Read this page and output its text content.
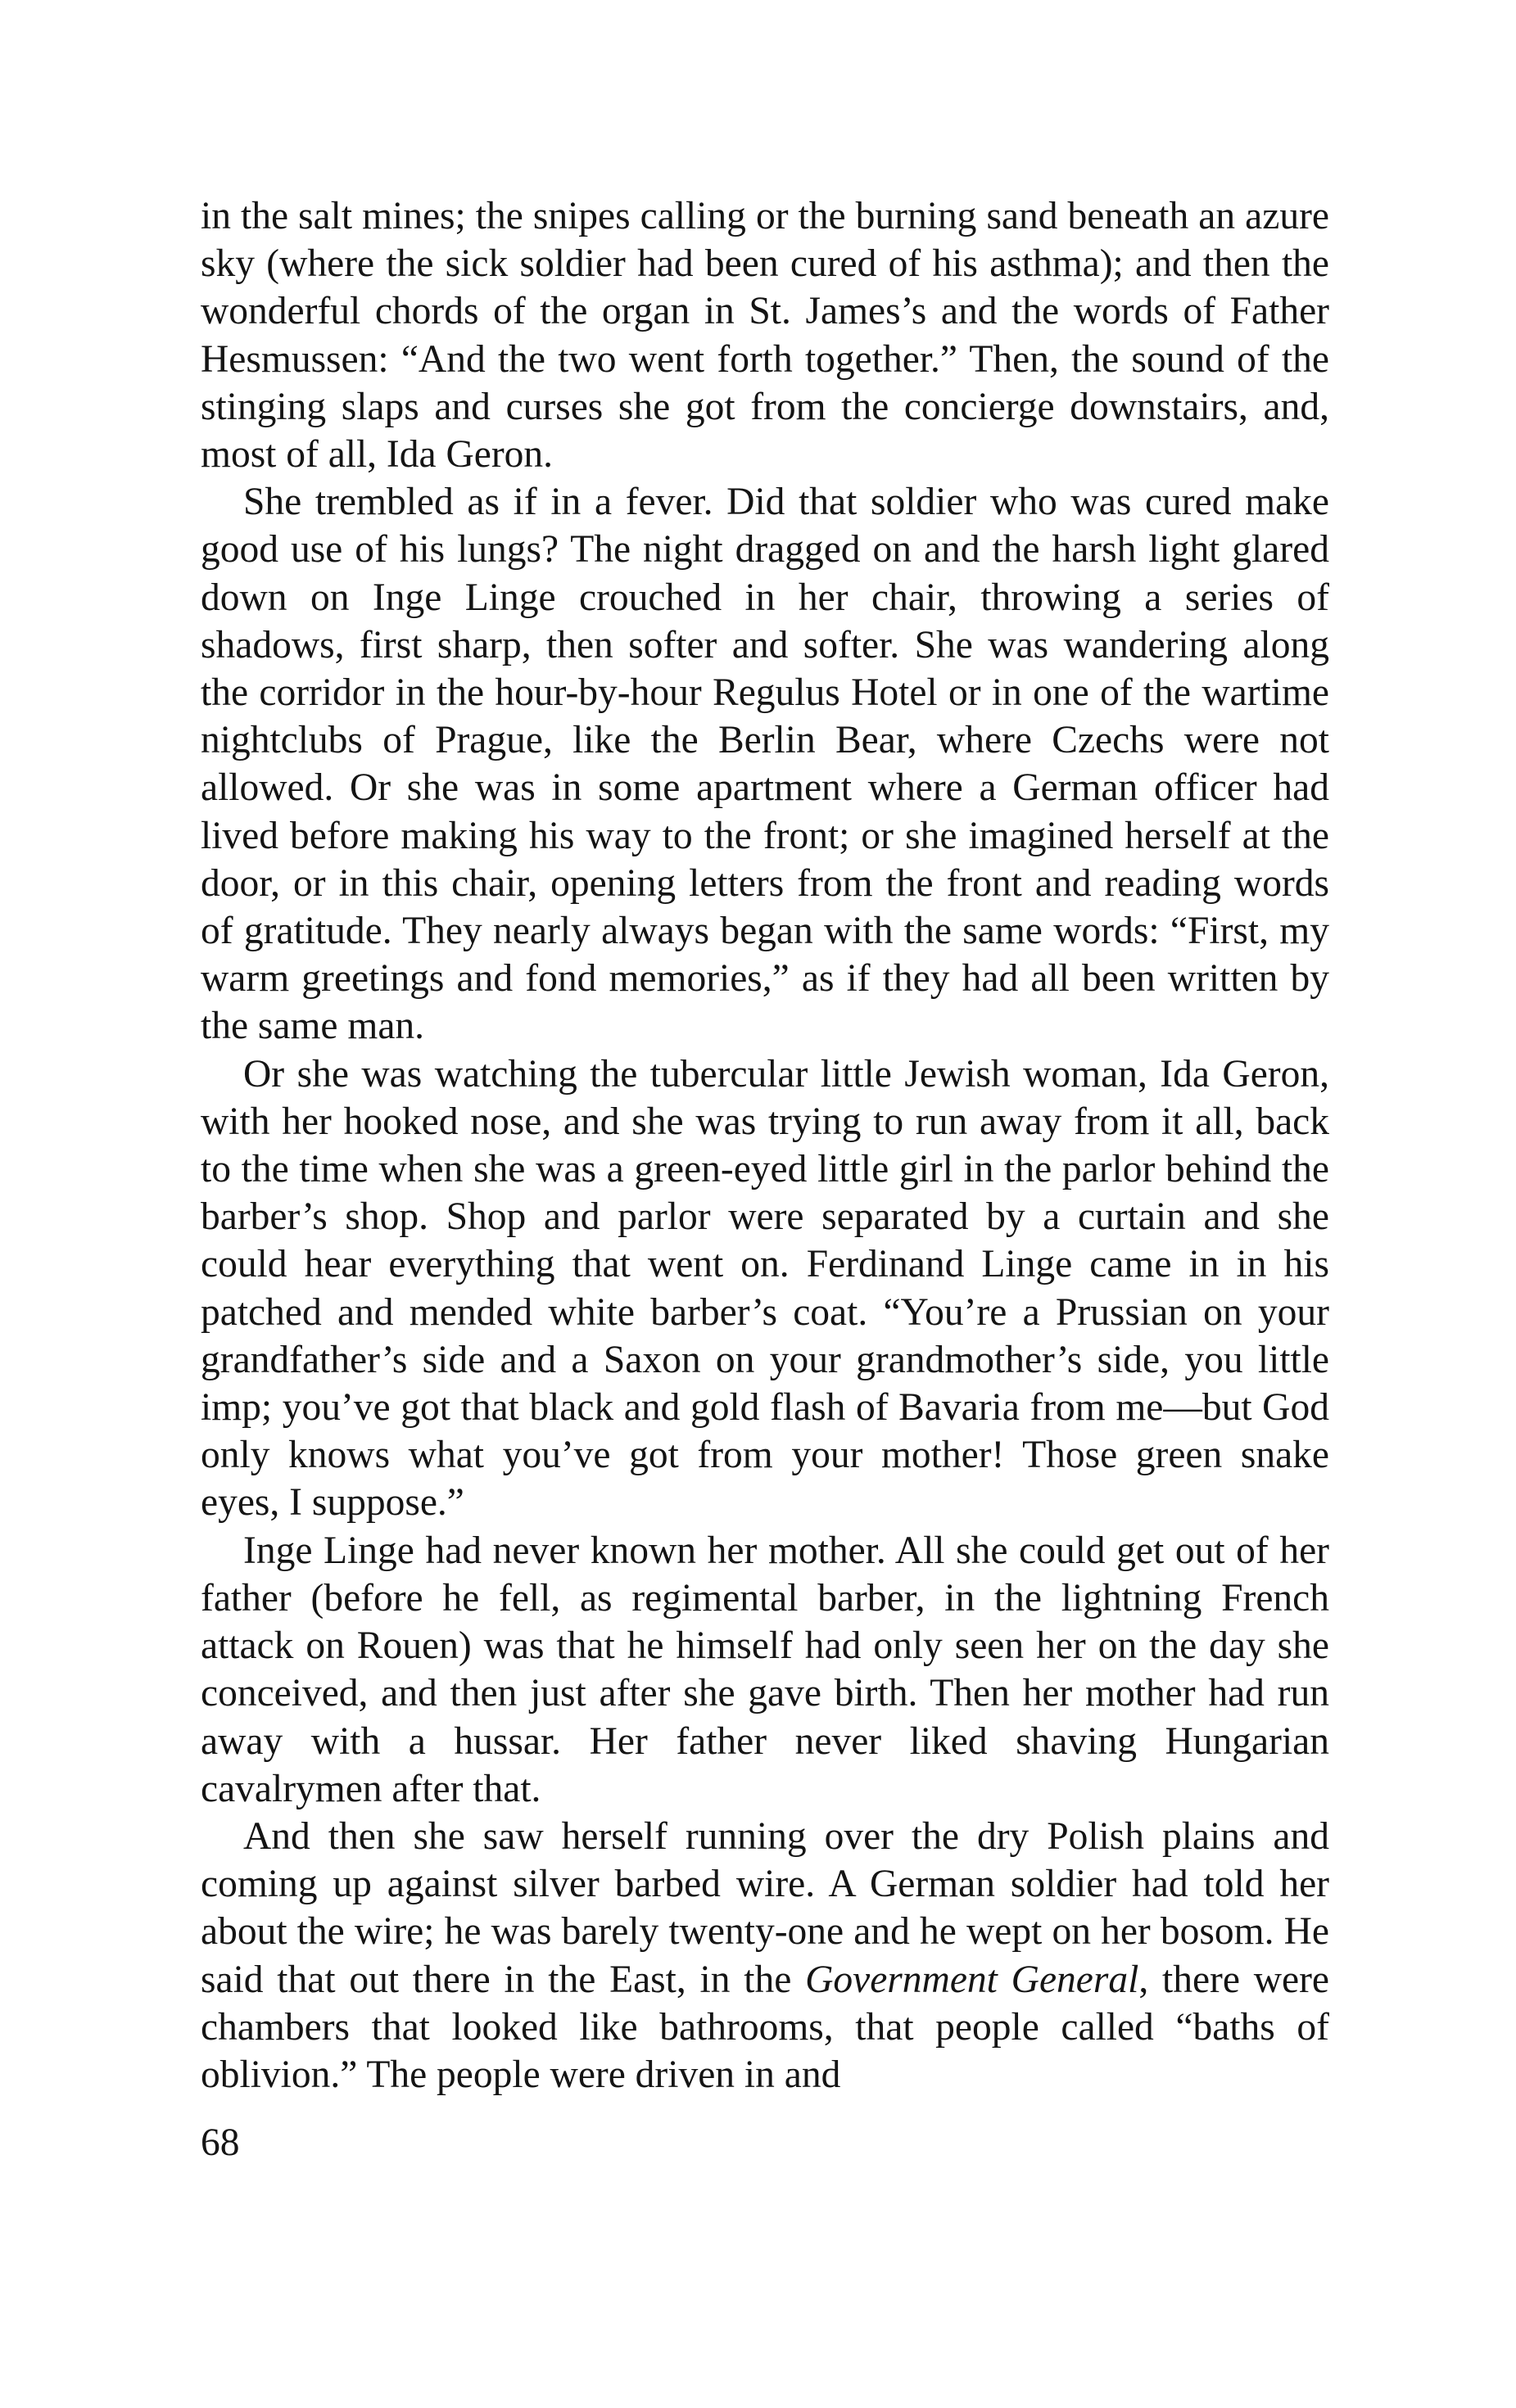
in the salt mines; the snipes calling or the burning sand beneath an azure sky (where the sick soldier had been cured of his asthma); and then the wonderful chords of the organ in St. James’s and the words of Father Hesmussen: “And the two went forth together.” Then, the sound of the stinging slaps and curses she got from the concierge downstairs, and, most of all, Ida Geron.

She trembled as if in a fever. Did that soldier who was cured make good use of his lungs? The night dragged on and the harsh light glared down on Inge Linge crouched in her chair, throwing a series of shadows, first sharp, then softer and softer. She was wandering along the corridor in the hour-by-hour Regulus Hotel or in one of the wartime nightclubs of Prague, like the Berlin Bear, where Czechs were not allowed. Or she was in some apartment where a German officer had lived before making his way to the front; or she imagined herself at the door, or in this chair, opening letters from the front and reading words of gratitude. They nearly always began with the same words: “First, my warm greetings and fond memories,” as if they had all been written by the same man.

Or she was watching the tubercular little Jewish woman, Ida Geron, with her hooked nose, and she was trying to run away from it all, back to the time when she was a green-eyed little girl in the parlor behind the barber’s shop. Shop and parlor were separated by a curtain and she could hear everything that went on. Ferdinand Linge came in in his patched and mended white barber’s coat. “You’re a Prussian on your grandfather’s side and a Saxon on your grandmother’s side, you little imp; you’ve got that black and gold flash of Bavaria from me—but God only knows what you’ve got from your mother! Those green snake eyes, I suppose.”

Inge Linge had never known her mother. All she could get out of her father (before he fell, as regimental barber, in the lightning French attack on Rouen) was that he himself had only seen her on the day she conceived, and then just after she gave birth. Then her mother had run away with a hussar. Her father never liked shaving Hungarian cavalrymen after that.

And then she saw herself running over the dry Polish plains and coming up against silver barbed wire. A German soldier had told her about the wire; he was barely twenty-one and he wept on her bosom. He said that out there in the East, in the Government General, there were chambers that looked like bathrooms, that people called “baths of oblivion.” The people were driven in and

68
